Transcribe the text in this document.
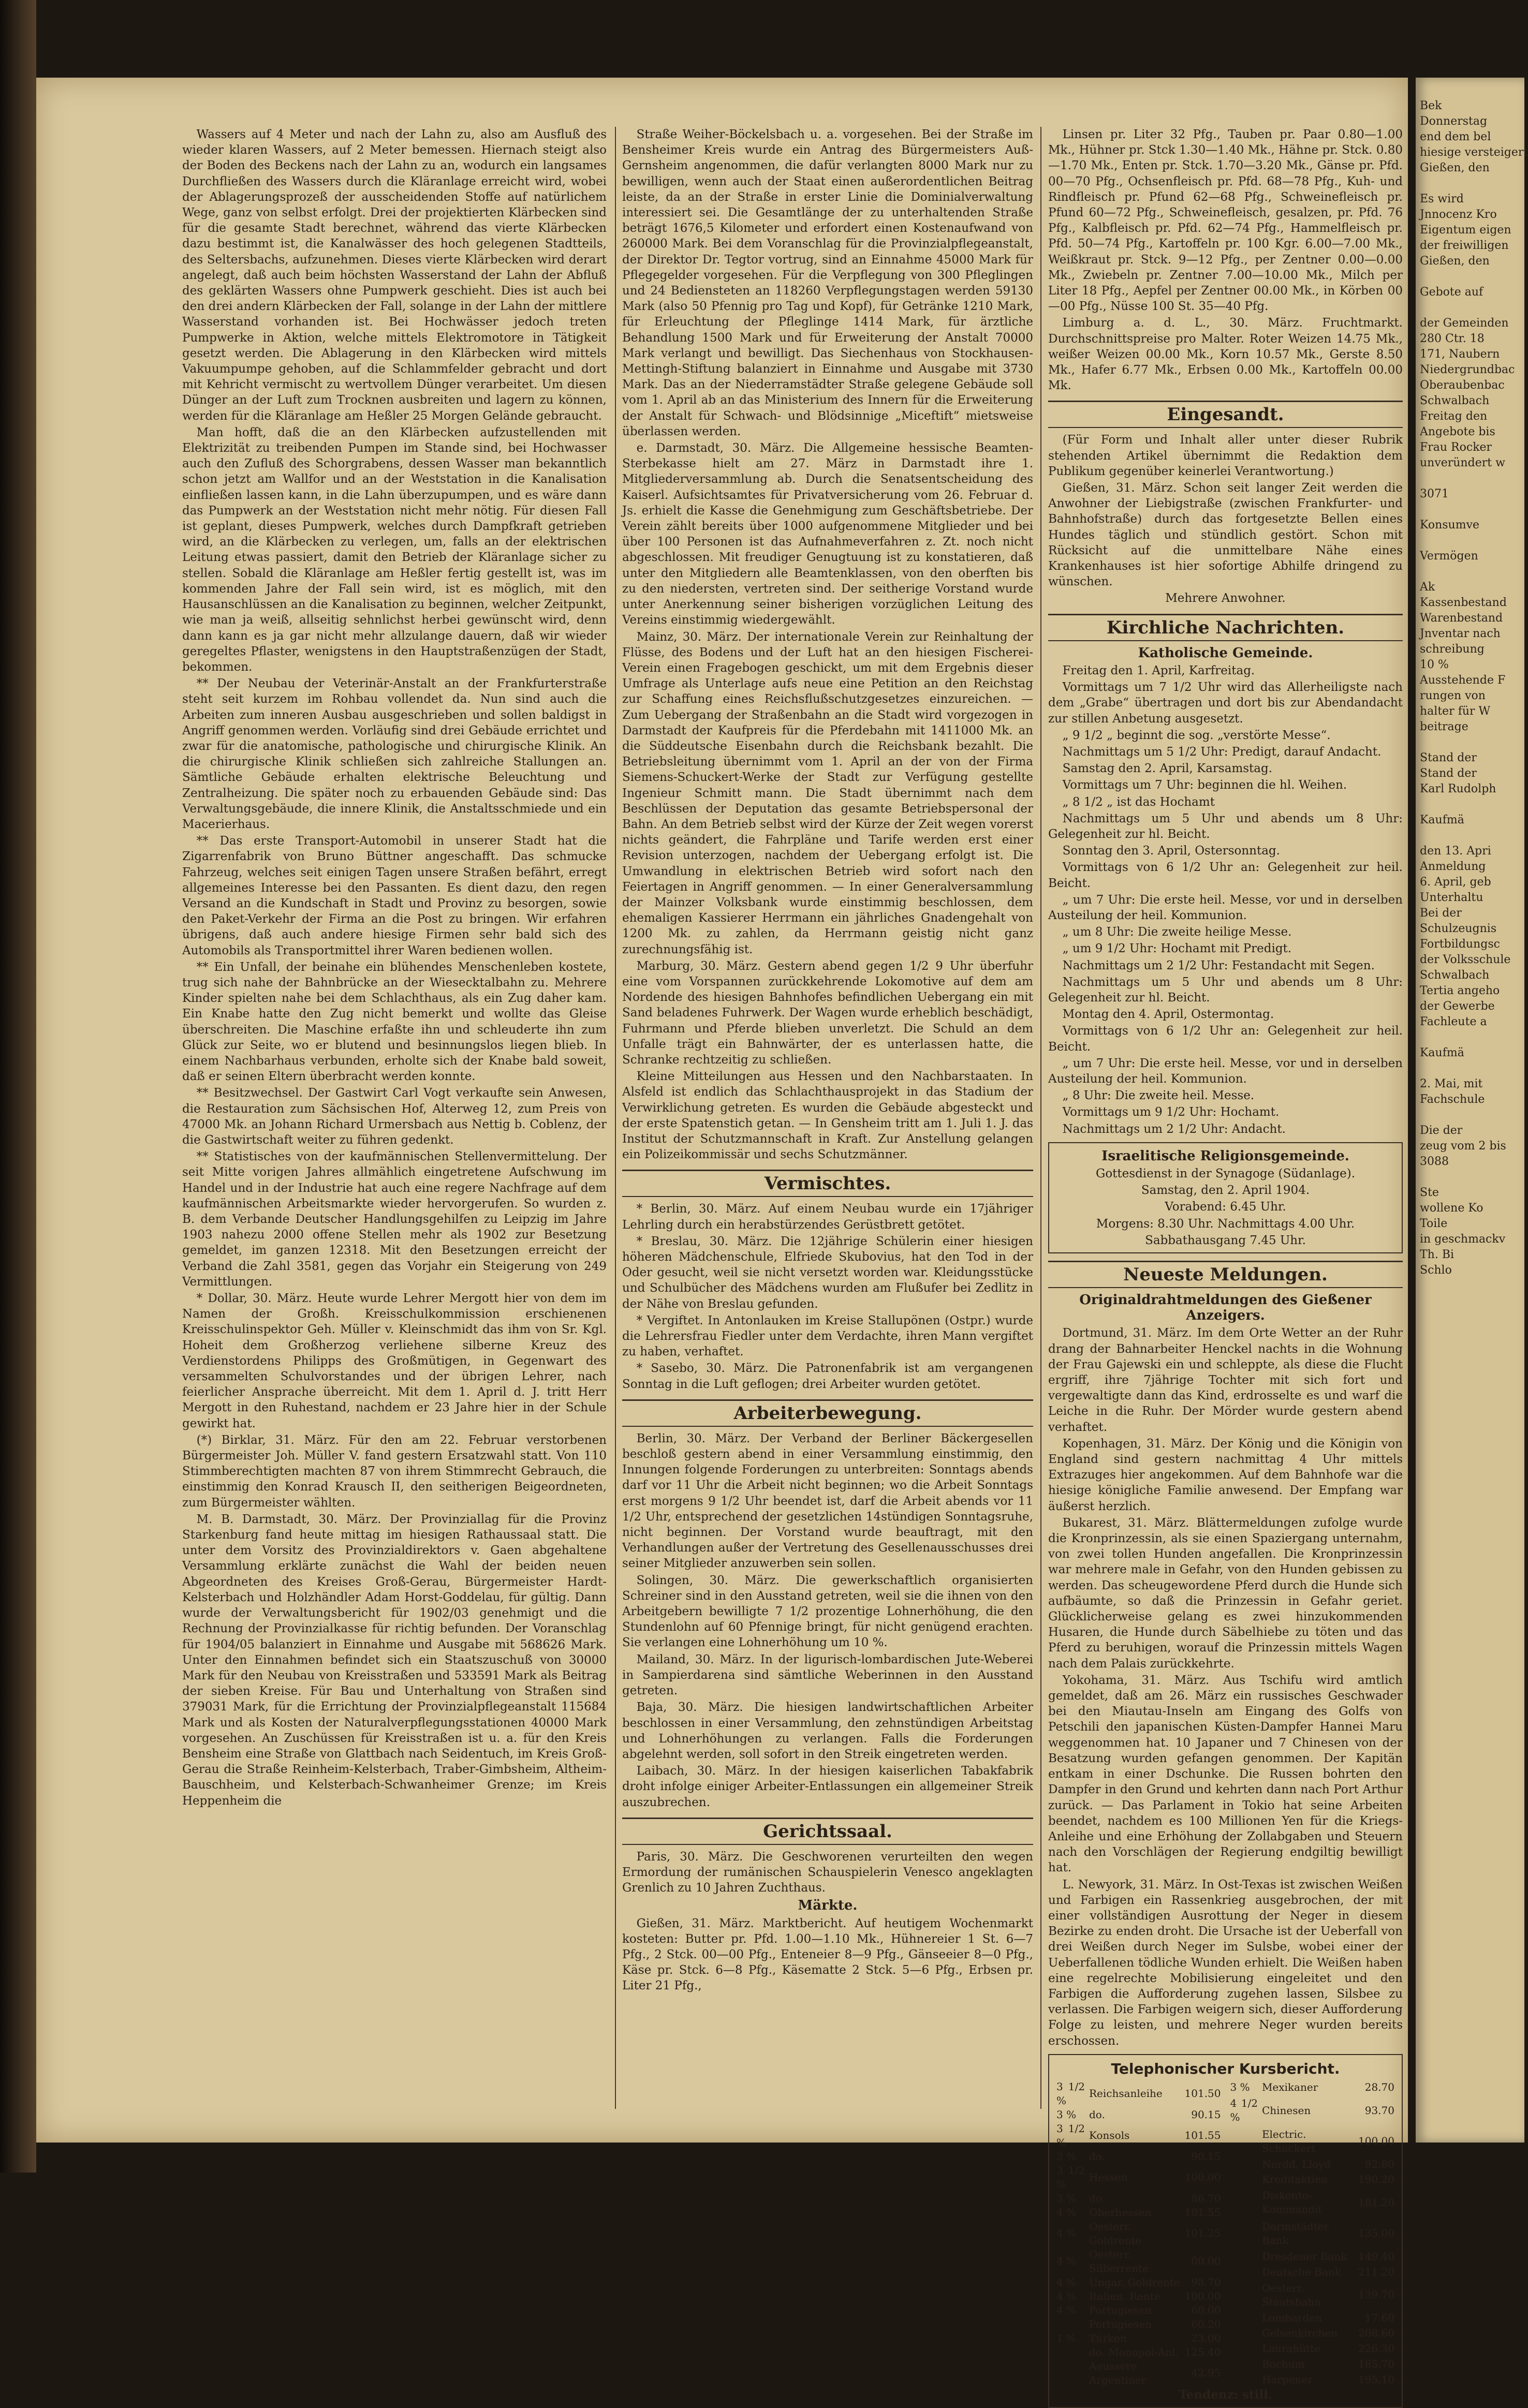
Wassers auf 4 Meter und nach der Lahn zu, also am Ausfluß des wieder klaren Wassers, auf 2 Meter bemessen. Hiernach steigt also der Boden des Beckens nach der Lahn zu an, wodurch ein langsames Durchfließen des Wassers durch die Kläranlage erreicht wird, wobei der Ablagerungsprozeß der ausscheidenden Stoffe auf natürlichem Wege, ganz von selbst erfolgt. Drei der projektierten Klärbecken sind für die gesamte Stadt berechnet, während das vierte Klärbecken dazu bestimmt ist, die Kanalwässer des hoch gelegenen Stadtteils, des Seltersbachs, aufzunehmen. Dieses vierte Klärbecken wird derart angelegt, daß auch beim höchsten Wasserstand der Lahn der Abfluß des geklärten Wassers ohne Pumpwerk geschieht. Dies ist auch bei den drei andern Klärbecken der Fall, solange in der Lahn der mittlere Wasserstand vorhanden ist. Bei Hochwässer jedoch treten Pumpwerke in Aktion, welche mittels Elektromotore in Tätigkeit gesetzt werden. Die Ablagerung in den Klärbecken wird mittels Vakuumpumpe gehoben, auf die Schlammfelder gebracht und dort mit Kehricht vermischt zu wertvollem Dünger verarbeitet. Um diesen Dünger an der Luft zum Trocknen ausbreiten und lagern zu können, werden für die Kläranlage am Heßler 25 Morgen Gelände gebraucht.

Man hofft, daß die an den Klärbecken aufzustellenden mit Elektrizität zu treibenden Pumpen im Stande sind, bei Hochwasser auch den Zufluß des Schorgrabens, dessen Wasser man bekanntlich schon jetzt am Wallfor und an der Weststation in die Kanalisation einfließen lassen kann, in die Lahn überzupumpen, und es wäre dann das Pumpwerk an der Weststation nicht mehr nötig. Für diesen Fall ist geplant, dieses Pumpwerk, welches durch Dampfkraft getrieben wird, an die Klärbecken zu verlegen, um, falls an der elektrischen Leitung etwas passiert, damit den Betrieb der Kläranlage sicher zu stellen. Sobald die Kläranlage am Heßler fertig gestellt ist, was im kommenden Jahre der Fall sein wird, ist es möglich, mit den Hausanschlüssen an die Kanalisation zu beginnen, welcher Zeitpunkt, wie man ja weiß, allseitig sehnlichst herbei gewünscht wird, denn dann kann es ja gar nicht mehr allzulange dauern, daß wir wieder geregeltes Pflaster, wenigstens in den Hauptstraßenzügen der Stadt, bekommen.

** Der Neubau der Veterinär-Anstalt an der Frankfurterstraße steht seit kurzem im Rohbau vollendet da. Nun sind auch die Arbeiten zum inneren Ausbau ausgeschrieben und sollen baldigst in Angriff genommen werden. Vorläufig sind drei Gebäude errichtet und zwar für die anatomische, pathologische und chirurgische Klinik. An die chirurgische Klinik schließen sich zahlreiche Stallungen an. Sämtliche Gebäude erhalten elektrische Beleuchtung und Zentralheizung. Die später noch zu erbauenden Gebäude sind: Das Verwaltungsgebäude, die innere Klinik, die Anstaltsschmiede und ein Macerierhaus.

** Das erste Transport-Automobil in unserer Stadt hat die Zigarrenfabrik von Bruno Büttner angeschafft. Das schmucke Fahrzeug, welches seit einigen Tagen unsere Straßen befährt, erregt allgemeines Interesse bei den Passanten. Es dient dazu, den regen Versand an die Kundschaft in Stadt und Provinz zu besorgen, sowie den Paket-Verkehr der Firma an die Post zu bringen. Wir erfahren übrigens, daß auch andere hiesige Firmen sehr bald sich des Automobils als Transportmittel ihrer Waren bedienen wollen.

** Ein Unfall, der beinahe ein blühendes Menschenleben kostete, trug sich nahe der Bahnbrücke an der Wiesecktalbahn zu. Mehrere Kinder spielten nahe bei dem Schlachthaus, als ein Zug daher kam. Ein Knabe hatte den Zug nicht bemerkt und wollte das Gleise überschreiten. Die Maschine erfaßte ihn und schleuderte ihn zum Glück zur Seite, wo er blutend und besinnungslos liegen blieb. In einem Nachbarhaus verbunden, erholte sich der Knabe bald soweit, daß er seinen Eltern überbracht werden konnte.

** Besitzwechsel. Der Gastwirt Carl Vogt verkaufte sein Anwesen, die Restauration zum Sächsischen Hof, Alterweg 12, zum Preis von 47000 Mk. an Johann Richard Urmersbach aus Nettig b. Coblenz, der die Gastwirtschaft weiter zu führen gedenkt.

** Statistisches von der kaufmännischen Stellenvermittelung. Der seit Mitte vorigen Jahres allmählich eingetretene Aufschwung im Handel und in der Industrie hat auch eine regere Nachfrage auf dem kaufmännischen Arbeitsmarkte wieder hervorgerufen. So wurden z. B. dem Verbande Deutscher Handlungsgehilfen zu Leipzig im Jahre 1903 nahezu 2000 offene Stellen mehr als 1902 zur Besetzung gemeldet, im ganzen 12318. Mit den Besetzungen erreicht der Verband die Zahl 3581, gegen das Vorjahr ein Steigerung von 249 Vermittlungen.

* Dollar, 30. März. Heute wurde Lehrer Mergott hier von dem im Namen der Großh. Kreisschulkommission erschienenen Kreisschulinspektor Geh. Müller v. Kleinschmidt das ihm von Sr. Kgl. Hoheit dem Großherzog verliehene silberne Kreuz des Verdienstordens Philipps des Großmütigen, in Gegenwart des versammelten Schulvorstandes und der übrigen Lehrer, nach feierlicher Ansprache überreicht. Mit dem 1. April d. J. tritt Herr Mergott in den Ruhestand, nachdem er 23 Jahre hier in der Schule gewirkt hat.

(*) Birklar, 31. März. Für den am 22. Februar verstorbenen Bürgermeister Joh. Müller V. fand gestern Ersatzwahl statt. Von 110 Stimmberechtigten machten 87 von ihrem Stimmrecht Gebrauch, die einstimmig den Konrad Krausch II, den seitherigen Beigeordneten, zum Bürgermeister wählten.

M. B. Darmstadt, 30. März. Der Provinziallag für die Provinz Starkenburg fand heute mittag im hiesigen Rathaussaal statt. Die unter dem Vorsitz des Provinzialdirektors v. Gaen abgehaltene Versammlung erklärte zunächst die Wahl der beiden neuen Abgeordneten des Kreises Groß-Gerau, Bürgermeister Hardt-Kelsterbach und Holzhändler Adam Horst-Goddelau, für gültig. Dann wurde der Verwaltungsbericht für 1902/03 genehmigt und die Rechnung der Provinzialkasse für richtig befunden. Der Voranschlag für 1904/05 balanziert in Einnahme und Ausgabe mit 568626 Mark. Unter den Einnahmen befindet sich ein Staatszuschuß von 30000 Mark für den Neubau von Kreisstraßen und 533591 Mark als Beitrag der sieben Kreise. Für Bau und Unterhaltung von Straßen sind 379031 Mark, für die Errichtung der Provinzialpflegeanstalt 115684 Mark und als Kosten der Naturalverpflegungsstationen 40000 Mark vorgesehen. An Zuschüssen für Kreisstraßen ist u. a. für den Kreis Bensheim eine Straße von Glattbach nach Seidentuch, im Kreis Groß-Gerau die Straße Reinheim-Kelsterbach, Traber-Gimbsheim, Altheim-Bauschheim, und Kelsterbach-Schwanheimer Grenze; im Kreis Heppenheim die

Straße Weiher-Böckelsbach u. a. vorgesehen. Bei der Straße im Bensheimer Kreis wurde ein Antrag des Bürgermeisters Auß-Gernsheim angenommen, die dafür verlangten 8000 Mark nur zu bewilligen, wenn auch der Staat einen außerordentlichen Beitrag leiste, da an der Straße in erster Linie die Dominialverwaltung interessiert sei. Die Gesamtlänge der zu unterhaltenden Straße beträgt 1676,5 Kilometer und erfordert einen Kostenaufwand von 260000 Mark. Bei dem Voranschlag für die Provinzialpflegeanstalt, der Direktor Dr. Tegtor vortrug, sind an Einnahme 45000 Mark für Pflegegelder vorgesehen. Für die Verpflegung von 300 Pfleglingen und 24 Bediensteten an 118260 Verpflegungstagen werden 59130 Mark (also 50 Pfennig pro Tag und Kopf), für Getränke 1210 Mark, für Erleuchtung der Pfleglinge 1414 Mark, für ärztliche Behandlung 1500 Mark und für Erweiterung der Anstalt 70000 Mark verlangt und bewilligt. Das Siechenhaus von Stockhausen-Mettingh-Stiftung balanziert in Einnahme und Ausgabe mit 3730 Mark. Das an der Niederramstädter Straße gelegene Gebäude soll vom 1. April ab an das Ministerium des Innern für die Erweiterung der Anstalt für Schwach- und Blödsinnige „Miceftift“ mietsweise überlassen werden.

e. Darmstadt, 30. März. Die Allgemeine hessische Beamten-Sterbekasse hielt am 27. März in Darmstadt ihre 1. Mitgliederversammlung ab. Durch die Senatsentscheidung des Kaiserl. Aufsichtsamtes für Privatversicherung vom 26. Februar d. Js. erhielt die Kasse die Genehmigung zum Geschäftsbetriebe. Der Verein zählt bereits über 1000 aufgenommene Mitglieder und bei über 100 Personen ist das Aufnahmeverfahren z. Zt. noch nicht abgeschlossen. Mit freudiger Genugtuung ist zu konstatieren, daß unter den Mitgliedern alle Beamtenklassen, von den oberften bis zu den niedersten, vertreten sind. Der seitherige Vorstand wurde unter Anerkennung seiner bisherigen vorzüglichen Leitung des Vereins einstimmig wiedergewählt.

Mainz, 30. März. Der internationale Verein zur Reinhaltung der Flüsse, des Bodens und der Luft hat an den hiesigen Fischerei-Verein einen Fragebogen geschickt, um mit dem Ergebnis dieser Umfrage als Unterlage aufs neue eine Petition an den Reichstag zur Schaffung eines Reichsflußschutzgesetzes einzureichen. — Zum Uebergang der Straßenbahn an die Stadt wird vorgezogen in Darmstadt der Kaufpreis für die Pferdebahn mit 1411000 Mk. an die Süddeutsche Eisenbahn durch die Reichsbank bezahlt. Die Betriebsleitung übernimmt vom 1. April an der von der Firma Siemens-Schuckert-Werke der Stadt zur Verfügung gestellte Ingenieur Schmitt mann. Die Stadt übernimmt nach dem Beschlüssen der Deputation das gesamte Betriebspersonal der Bahn. An dem Betrieb selbst wird der Kürze der Zeit wegen vorerst nichts geändert, die Fahrpläne und Tarife werden erst einer Revision unterzogen, nachdem der Uebergang erfolgt ist. Die Umwandlung in elektrischen Betrieb wird sofort nach den Feiertagen in Angriff genommen. — In einer Generalversammlung der Mainzer Volksbank wurde einstimmig beschlossen, dem ehemaligen Kassierer Herrmann ein jährliches Gnadengehalt von 1200 Mk. zu zahlen, da Herrmann geistig nicht ganz zurechnungsfähig ist.

Marburg, 30. März. Gestern abend gegen 1/2 9 Uhr überfuhr eine vom Vorspannen zurückkehrende Lokomotive auf dem am Nordende des hiesigen Bahnhofes befindlichen Uebergang ein mit Sand beladenes Fuhrwerk. Der Wagen wurde erheblich beschädigt, Fuhrmann und Pferde blieben unverletzt. Die Schuld an dem Unfalle trägt ein Bahnwärter, der es unterlassen hatte, die Schranke rechtzeitig zu schließen.

Kleine Mitteilungen aus Hessen und den Nachbarstaaten. In Alsfeld ist endlich das Schlachthausprojekt in das Stadium der Verwirklichung getreten. Es wurden die Gebäude abgesteckt und der erste Spatenstich getan. — In Gensheim tritt am 1. Juli 1. J. das Institut der Schutzmannschaft in Kraft. Zur Anstellung gelangen ein Polizeikommissär und sechs Schutzmänner.

Vermischtes.

* Berlin, 30. März. Auf einem Neubau wurde ein 17jähriger Lehrling durch ein herabstürzendes Gerüstbrett getötet.

* Breslau, 30. März. Die 12jährige Schülerin einer hiesigen höheren Mädchenschule, Elfriede Skubovius, hat den Tod in der Oder gesucht, weil sie nicht versetzt worden war. Kleidungsstücke und Schulbücher des Mädchens wurden am Flußufer bei Zedlitz in der Nähe von Breslau gefunden.

* Vergiftet. In Antonlauken im Kreise Stallupönen (Ostpr.) wurde die Lehrersfrau Fiedler unter dem Verdachte, ihren Mann vergiftet zu haben, verhaftet.

* Sasebo, 30. März. Die Patronenfabrik ist am vergangenen Sonntag in die Luft geflogen; drei Arbeiter wurden getötet.

Arbeiterbewegung.

Berlin, 30. März. Der Verband der Berliner Bäckergesellen beschloß gestern abend in einer Versammlung einstimmig, den Innungen folgende Forderungen zu unterbreiten: Sonntags abends darf vor 11 Uhr die Arbeit nicht beginnen; wo die Arbeit Sonntags erst morgens 9 1/2 Uhr beendet ist, darf die Arbeit abends vor 11 1/2 Uhr, entsprechend der gesetzlichen 14stündigen Sonntagsruhe, nicht beginnen. Der Vorstand wurde beauftragt, mit den Verhandlungen außer der Vertretung des Gesellenausschusses drei seiner Mitglieder anzuwerben sein sollen.

Solingen, 30. März. Die gewerkschaftlich organisierten Schreiner sind in den Ausstand getreten, weil sie die ihnen von den Arbeitgebern bewilligte 7 1/2 prozentige Lohnerhöhung, die den Stundenlohn auf 60 Pfennige bringt, für nicht genügend erachten. Sie verlangen eine Lohnerhöhung um 10 %.

Mailand, 30. März. In der ligurisch-lombardischen Jute-Weberei in Sampierdarena sind sämtliche Weberinnen in den Ausstand getreten.

Baja, 30. März. Die hiesigen landwirtschaftlichen Arbeiter beschlossen in einer Versammlung, den zehnstündigen Arbeitstag und Lohnerhöhungen zu verlangen. Falls die Forderungen abgelehnt werden, soll sofort in den Streik eingetreten werden.

Laibach, 30. März. In der hiesigen kaiserlichen Tabakfabrik droht infolge einiger Arbeiter-Entlassungen ein allgemeiner Streik auszubrechen.

Gerichtssaal.

Paris, 30. März. Die Geschworenen verurteilten den wegen Ermordung der rumänischen Schauspielerin Venesco angeklagten Grenlich zu 10 Jahren Zuchthaus.

Märkte.

Gießen, 31. März. Marktbericht. Auf heutigem Wochenmarkt kosteten: Butter pr. Pfd. 1.00—1.10 Mk., Hühnereier 1 St. 6—7 Pfg., 2 Stck. 00—00 Pfg., Enteneier 8—9 Pfg., Gänseeier 8—0 Pfg., Käse pr. Stck. 6—8 Pfg., Käsematte 2 Stck. 5—6 Pfg., Erbsen pr. Liter 21 Pfg.,

Linsen pr. Liter 32 Pfg., Tauben pr. Paar 0.80—1.00 Mk., Hühner pr. Stck 1.30—1.40 Mk., Hähne pr. Stck. 0.80—1.70 Mk., Enten pr. Stck. 1.70—3.20 Mk., Gänse pr. Pfd. 00—70 Pfg., Ochsenfleisch pr. Pfd. 68—78 Pfg., Kuh- und Rindfleisch pr. Pfund 62—68 Pfg., Schweinefleisch pr. Pfund 60—72 Pfg., Schweinefleisch, gesalzen, pr. Pfd. 76 Pfg., Kalbfleisch pr. Pfd. 62—74 Pfg., Hammelfleisch pr. Pfd. 50—74 Pfg., Kartoffeln pr. 100 Kgr. 6.00—7.00 Mk., Weißkraut pr. Stck. 9—12 Pfg., per Zentner 0.00—0.00 Mk., Zwiebeln pr. Zentner 7.00—10.00 Mk., Milch per Liter 18 Pfg., Aepfel per Zentner 00.00 Mk., in Körben 00—00 Pfg., Nüsse 100 St. 35—40 Pfg.

Limburg a. d. L., 30. März. Fruchtmarkt. Durchschnittspreise pro Malter. Roter Weizen 14.75 Mk., weißer Weizen 00.00 Mk., Korn 10.57 Mk., Gerste 8.50 Mk., Hafer 6.77 Mk., Erbsen 0.00 Mk., Kartoffeln 00.00 Mk.

Eingesandt.

(Für Form und Inhalt aller unter dieser Rubrik stehenden Artikel übernimmt die Redaktion dem Publikum gegenüber keinerlei Verantwortung.)

Gießen, 31. März. Schon seit langer Zeit werden die Anwohner der Liebigstraße (zwischen Frankfurter- und Bahnhofstraße) durch das fortgesetzte Bellen eines Hundes täglich und stündlich gestört. Schon mit Rücksicht auf die unmittelbare Nähe eines Krankenhauses ist hier sofortige Abhilfe dringend zu wünschen.

Mehrere Anwohner.

Kirchliche Nachrichten.
Katholische Gemeinde.

Freitag den 1. April, Karfreitag.

Vormittags um 7 1/2 Uhr wird das Allerheiligste nach dem „Grabe“ übertragen und dort bis zur Abendandacht zur stillen Anbetung ausgesetzt.

„ 9 1/2 „ beginnt die sog. „verstörte Messe“.

Nachmittags um 5 1/2 Uhr: Predigt, darauf Andacht.

Samstag den 2. April, Karsamstag.

Vormittags um 7 Uhr: beginnen die hl. Weihen.

„ 8 1/2 „ ist das Hochamt

Nachmittags um 5 Uhr und abends um 8 Uhr: Gelegenheit zur hl. Beicht.

Sonntag den 3. April, Ostersonntag.

Vormittags von 6 1/2 Uhr an: Gelegenheit zur heil. Beicht.

„ um 7 Uhr: Die erste heil. Messe, vor und in derselben Austeilung der heil. Kommunion.

„ um 8 Uhr: Die zweite heilige Messe.

„ um 9 1/2 Uhr: Hochamt mit Predigt.

Nachmittags um 2 1/2 Uhr: Festandacht mit Segen.

Nachmittags um 5 Uhr und abends um 8 Uhr: Gelegenheit zur hl. Beicht.

Montag den 4. April, Ostermontag.

Vormittags von 6 1/2 Uhr an: Gelegenheit zur heil. Beicht.

„ um 7 Uhr: Die erste heil. Messe, vor und in derselben Austeilung der heil. Kommunion.

„ 8 Uhr: Die zweite heil. Messe.

Vormittags um 9 1/2 Uhr: Hochamt.

Nachmittags um 2 1/2 Uhr: Andacht.

Israelitische Religionsgemeinde.

Gottesdienst in der Synagoge (Südanlage).

Samstag, den 2. April 1904.

Vorabend: 6.45 Uhr.

Morgens: 8.30 Uhr. Nachmittags 4.00 Uhr.

Sabbathausgang 7.45 Uhr.

Neueste Meldungen.
Originaldrahtmeldungen des Gießener Anzeigers.

Dortmund, 31. März. Im dem Orte Wetter an der Ruhr drang der Bahnarbeiter Henckel nachts in die Wohnung der Frau Gajewski ein und schleppte, als diese die Flucht ergriff, ihre 7jährige Tochter mit sich fort und vergewaltigte dann das Kind, erdrosselte es und warf die Leiche in die Ruhr. Der Mörder wurde gestern abend verhaftet.

Kopenhagen, 31. März. Der König und die Königin von England sind gestern nachmittag 4 Uhr mittels Extrazuges hier angekommen. Auf dem Bahnhofe war die hiesige königliche Familie anwesend. Der Empfang war äußerst herzlich.

Bukarest, 31. März. Blättermeldungen zufolge wurde die Kronprinzessin, als sie einen Spaziergang unternahm, von zwei tollen Hunden angefallen. Die Kronprinzessin war mehrere male in Gefahr, von den Hunden gebissen zu werden. Das scheugewordene Pferd durch die Hunde sich aufbäumte, so daß die Prinzessin in Gefahr geriet. Glücklicherweise gelang es zwei hinzukommenden Husaren, die Hunde durch Säbelhiebe zu töten und das Pferd zu beruhigen, worauf die Prinzessin mittels Wagen nach dem Palais zurückkehrte.

Yokohama, 31. März. Aus Tschifu wird amtlich gemeldet, daß am 26. März ein russisches Geschwader bei den Miautau-Inseln am Eingang des Golfs von Petschili den japanischen Küsten-Dampfer Hannei Maru weggenommen hat. 10 Japaner und 7 Chinesen von der Besatzung wurden gefangen genommen. Der Kapitän entkam in einer Dschunke. Die Russen bohrten den Dampfer in den Grund und kehrten dann nach Port Arthur zurück. — Das Parlament in Tokio hat seine Arbeiten beendet, nachdem es 100 Millionen Yen für die Kriegs-Anleihe und eine Erhöhung der Zollabgaben und Steuern nach den Vorschlägen der Regierung endgiltig bewilligt hat.

L. Newyork, 31. März. In Ost-Texas ist zwischen Weißen und Farbigen ein Rassenkrieg ausgebrochen, der mit einer vollständigen Ausrottung der Neger in diesem Bezirke zu enden droht. Die Ursache ist der Ueberfall von drei Weißen durch Neger im Sulsbe, wobei einer der Ueberfallenen tödliche Wunden erhielt. Die Weißen haben eine regelrechte Mobilisierung eingeleitet und den Farbigen die Aufforderung zugehen lassen, Silsbee zu verlassen. Die Farbigen weigern sich, dieser Aufforderung Folge zu leisten, und mehrere Neger wurden bereits erschossen.

Telephonischer Kursbericht.
3 1/2 %	Reichsanleihe	101.50
3 %	do.	90.15
3 1/2 %	Konsols	101.55
3 %	do.	90.15
3 1/2 %	Hessen	100.00
3 %	do.	86.70
4 %	Oberhessen	101.55
4 %	Oesterr. Goldrente	101.25
4 %	Oesterr. Silberrente	00.00
4 %	Ungar. Goldrente	98.70
4 %	Italien. Rente	100.00
4 %	Portugiesen	60.00
	Portugiesen	60.20
1 %	Türken	23.00
	do. Monopol-Anl.	125.40
	Aeussere Argentiner	42.95
3 %	Mexikaner	28.70
4 1/2 %	Chinesen	93.70
	Electric. Schuckert	100.00
	Nordd. Lloyd	92.80
	Kreditaktien	190.20
	Diskonto-Kommandit	181.20
	Darmstädter Bank	135.00
	Dresdener Bank	149.40
	Deutsche Bank	211.20
	Oesterr. Staatsbahn	139.70
	Lombarden	17.60
	Gelsenkirchen	208.60
	Laurahütte	226.30
	Bochum	185.70
	Harpener	195.10

Tendenz: still.

Bek
Donnerstag
end dem bel
hiesige versteigert
Gießen, den

Es wird
Jnnocenz Kro
Eigentum eigen
der freiwilligen
Gießen, den

Gebote auf

der Gemeinden
280 Ctr. 18
171, Naubern
Niedergrundbac
Oberaubenbac
Schwalbach
Freitag den
Angebote bis
Frau Rocker
unveründert w

3071

Konsumve

Vermögen

Ak
Kassenbestand
Warenbestand
Jnventar nach
schreibung
10 %
Ausstehende F
rungen von
halter für W
beitrage

Stand der
Stand der
Karl Rudolph

Kaufmä

den 13. Apri
Anmeldung
6. April, geb
Unterhaltu
Bei der
Schulzeugnis
Fortbildungsc
der Volksschule
Schwalbach
Tertia angeho
der Gewerbe
Fachleute a

Kaufmä

2. Mai, mit
Fachschule

Die der
zeug vom 2 bis
3088

Ste
wollene Ko
Toile
in geschmackv
Th. Bi
Schlo
